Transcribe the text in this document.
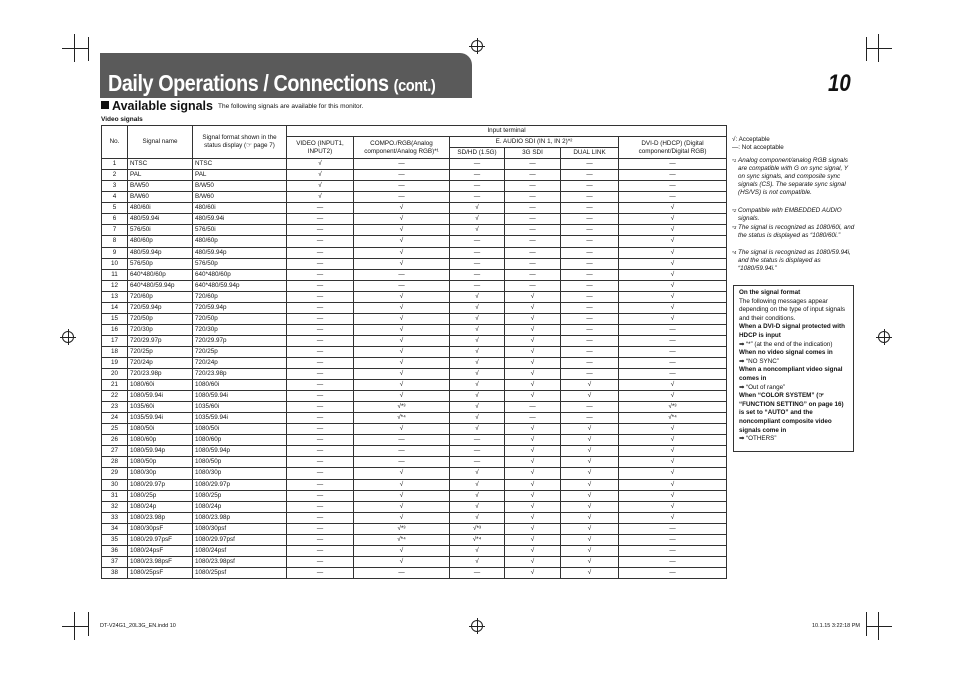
Daily Operations / Connections (cont.)	10
Available signals The following signals are available for this monitor.
Video signals
No.	Signal name	Signal format shown in the status display (☞ page 7)	Input terminal					
			VIDEO (INPUT1, INPUT2)	COMPO./RGB(Analog component/Analog RGB)*¹	E. AUDIO SDI (IN 1, IN 2)*²			DVI-D (HDCP) (Digital component/Digital RGB)
					SD/HD (1.5G)	3G SDI	DUAL LINK	
1	NTSC	NTSC	√	—	—	—	—	—
2	PAL	PAL	√	—	—	—	—	—
3	B/W50	B/W50	√	—	—	—	—	—
4	B/W60	B/W60	√	—	—	—	—	—
5	480/60i	480/60i	—	√	√	—	—	√
6	480/59.94i	480/59.94i	—	√	√	—	—	√
7	576/50i	576/50i	—	√	√	—	—	√
8	480/60p	480/60p	—	√	—	—	—	√
9	480/59.94p	480/59.94p	—	√	—	—	—	√
10	576/50p	576/50p	—	√	—	—	—	√
11	640*480/60p	640*480/60p	—	—	—	—	—	√
12	640*480/59.94p	640*480/59.94p	—	—	—	—	—	√
13	720/60p	720/60p	—	√	√	√	—	√
14	720/59.94p	720/59.94p	—	√	√	√	—	√
15	720/50p	720/50p	—	√	√	√	—	√
16	720/30p	720/30p	—	√	√	√	—	—
17	720/29.97p	720/29.97p	—	√	√	√	—	—
18	720/25p	720/25p	—	√	√	√	—	—
19	720/24p	720/24p	—	√	√	√	—	—
20	720/23.98p	720/23.98p	—	√	√	√	—	—
21	1080/60i	1080/60i	—	√	√	√	√	√
22	1080/59.94i	1080/59.94i	—	√	√	√	√	√
23	1035/60i	1035/60i	—	√*³	√	—	—	√*³
24	1035/59.94i	1035/59.94i	—	√*⁴	√	—	—	√*⁴
25	1080/50i	1080/50i	—	√	√	√	√	√
26	1080/60p	1080/60p	—	—	—	√	√	√
27	1080/59.94p	1080/59.94p	—	—	—	√	√	√
28	1080/50p	1080/50p	—	—	—	√	√	√
29	1080/30p	1080/30p	—	√	√	√	√	√
30	1080/29.97p	1080/29.97p	—	√	√	√	√	√
31	1080/25p	1080/25p	—	√	√	√	√	√
32	1080/24p	1080/24p	—	√	√	√	√	√
33	1080/23.98p	1080/23.98p	—	√	√	√	√	√
34	1080/30psF	1080/30psf	—	√*³	√*³	√	√	—
35	1080/29.97psF	1080/29.97psf	—	√*⁴	√*⁴	√	√	—
36	1080/24psF	1080/24psf	—	√	√	√	√	—
37	1080/23.98psF	1080/23.98psf	—	√	√	√	√	—
38	1080/25psF	1080/25psf	—	—	—	√	√	—
√: Acceptable
—: Not acceptable
*1 Analog component/analog RGB signals are compatible with G on sync signal, Y on sync signals, and composite sync signals (CS). The separate sync signal (HS/VS) is not compatible.
*2 Compatible with EMBEDDED AUDIO signals.
*3 The signal is recognized as 1080/60i, and the status is displayed as “1080/60i.”
*4 The signal is recognized as 1080/59.94i, and the status is displayed as “1080/59.94i.”
On the signal format
The following messages appear depending on the type of input signals and their conditions.
When a DVI-D signal protected with HDCP is input
➡ “*” (at the end of the indication)
When no video signal comes in
➡ “NO SYNC”
When a noncompliant video signal comes in
➡ “Out of range”
When “COLOR SYSTEM” (☞ “FUNCTION SETTING” on page 16) is set to “AUTO” and the noncompliant composite video signals come in
➡ “OTHERS”
DT-V24G1_20L3G_EN.indd 10	10.1.15 3:22:18 PM
